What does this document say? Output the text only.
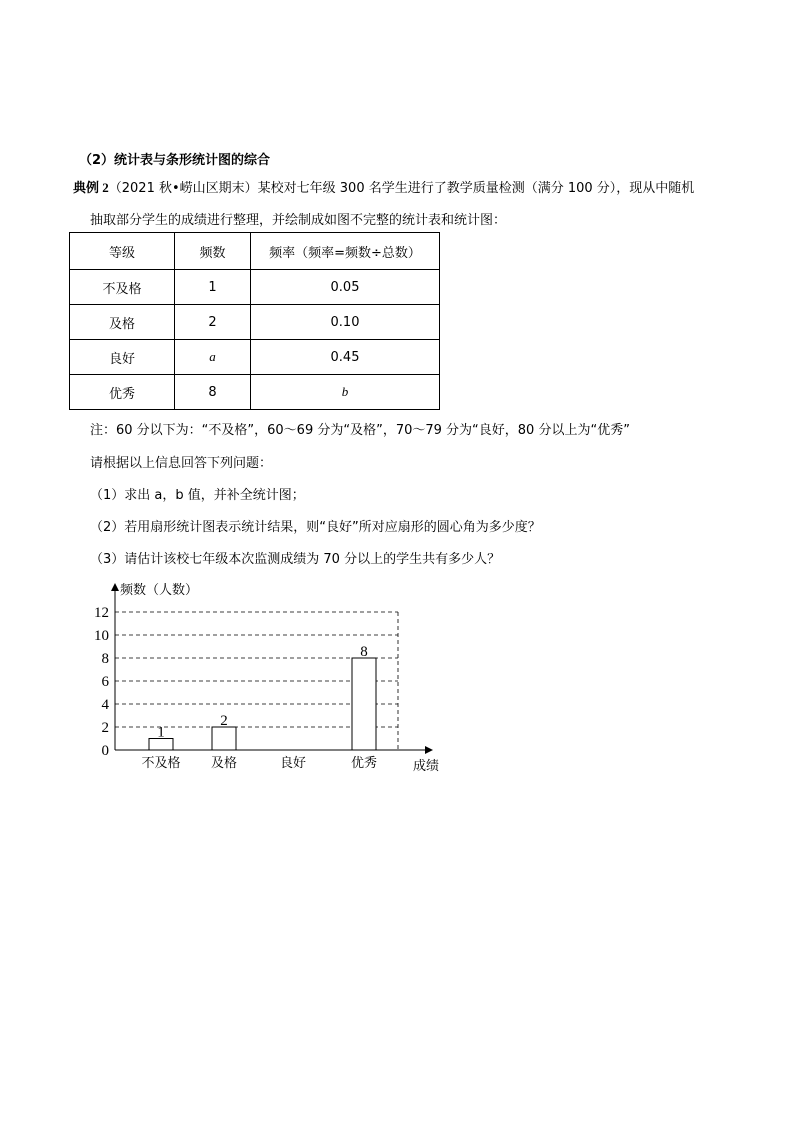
（2）统计表与条形统计图的综合
典例 2（2021 秋•崂山区期末）某校对七年级 300 名学生进行了教学质量检测（满分 100 分），现从中随机
抽取部分学生的成绩进行整理，并绘制成如图不完整的统计表和统计图：
等级	频数	频率（频率=频数÷总数）
不及格	1	0.05
及格	2	0.10
良好	a	0.45
优秀	8	b
注：60 分以下为：“不及格”，60～69 分为“及格”，70～79 分为“良好，80 分以上为“优秀”
请根据以上信息回答下列问题：
（1）求出 a，b 值，并补全统计图；
（2）若用扇形统计图表示统计结果，则“良好”所对应扇形的圆心角为多少度？
（3）请估计该校七年级本次监测成绩为 70 分以上的学生共有多少人？
0
2
4
6
8
10
12
频数（人数）
成绩
1
不及格
2
及格	良好
8
优秀
